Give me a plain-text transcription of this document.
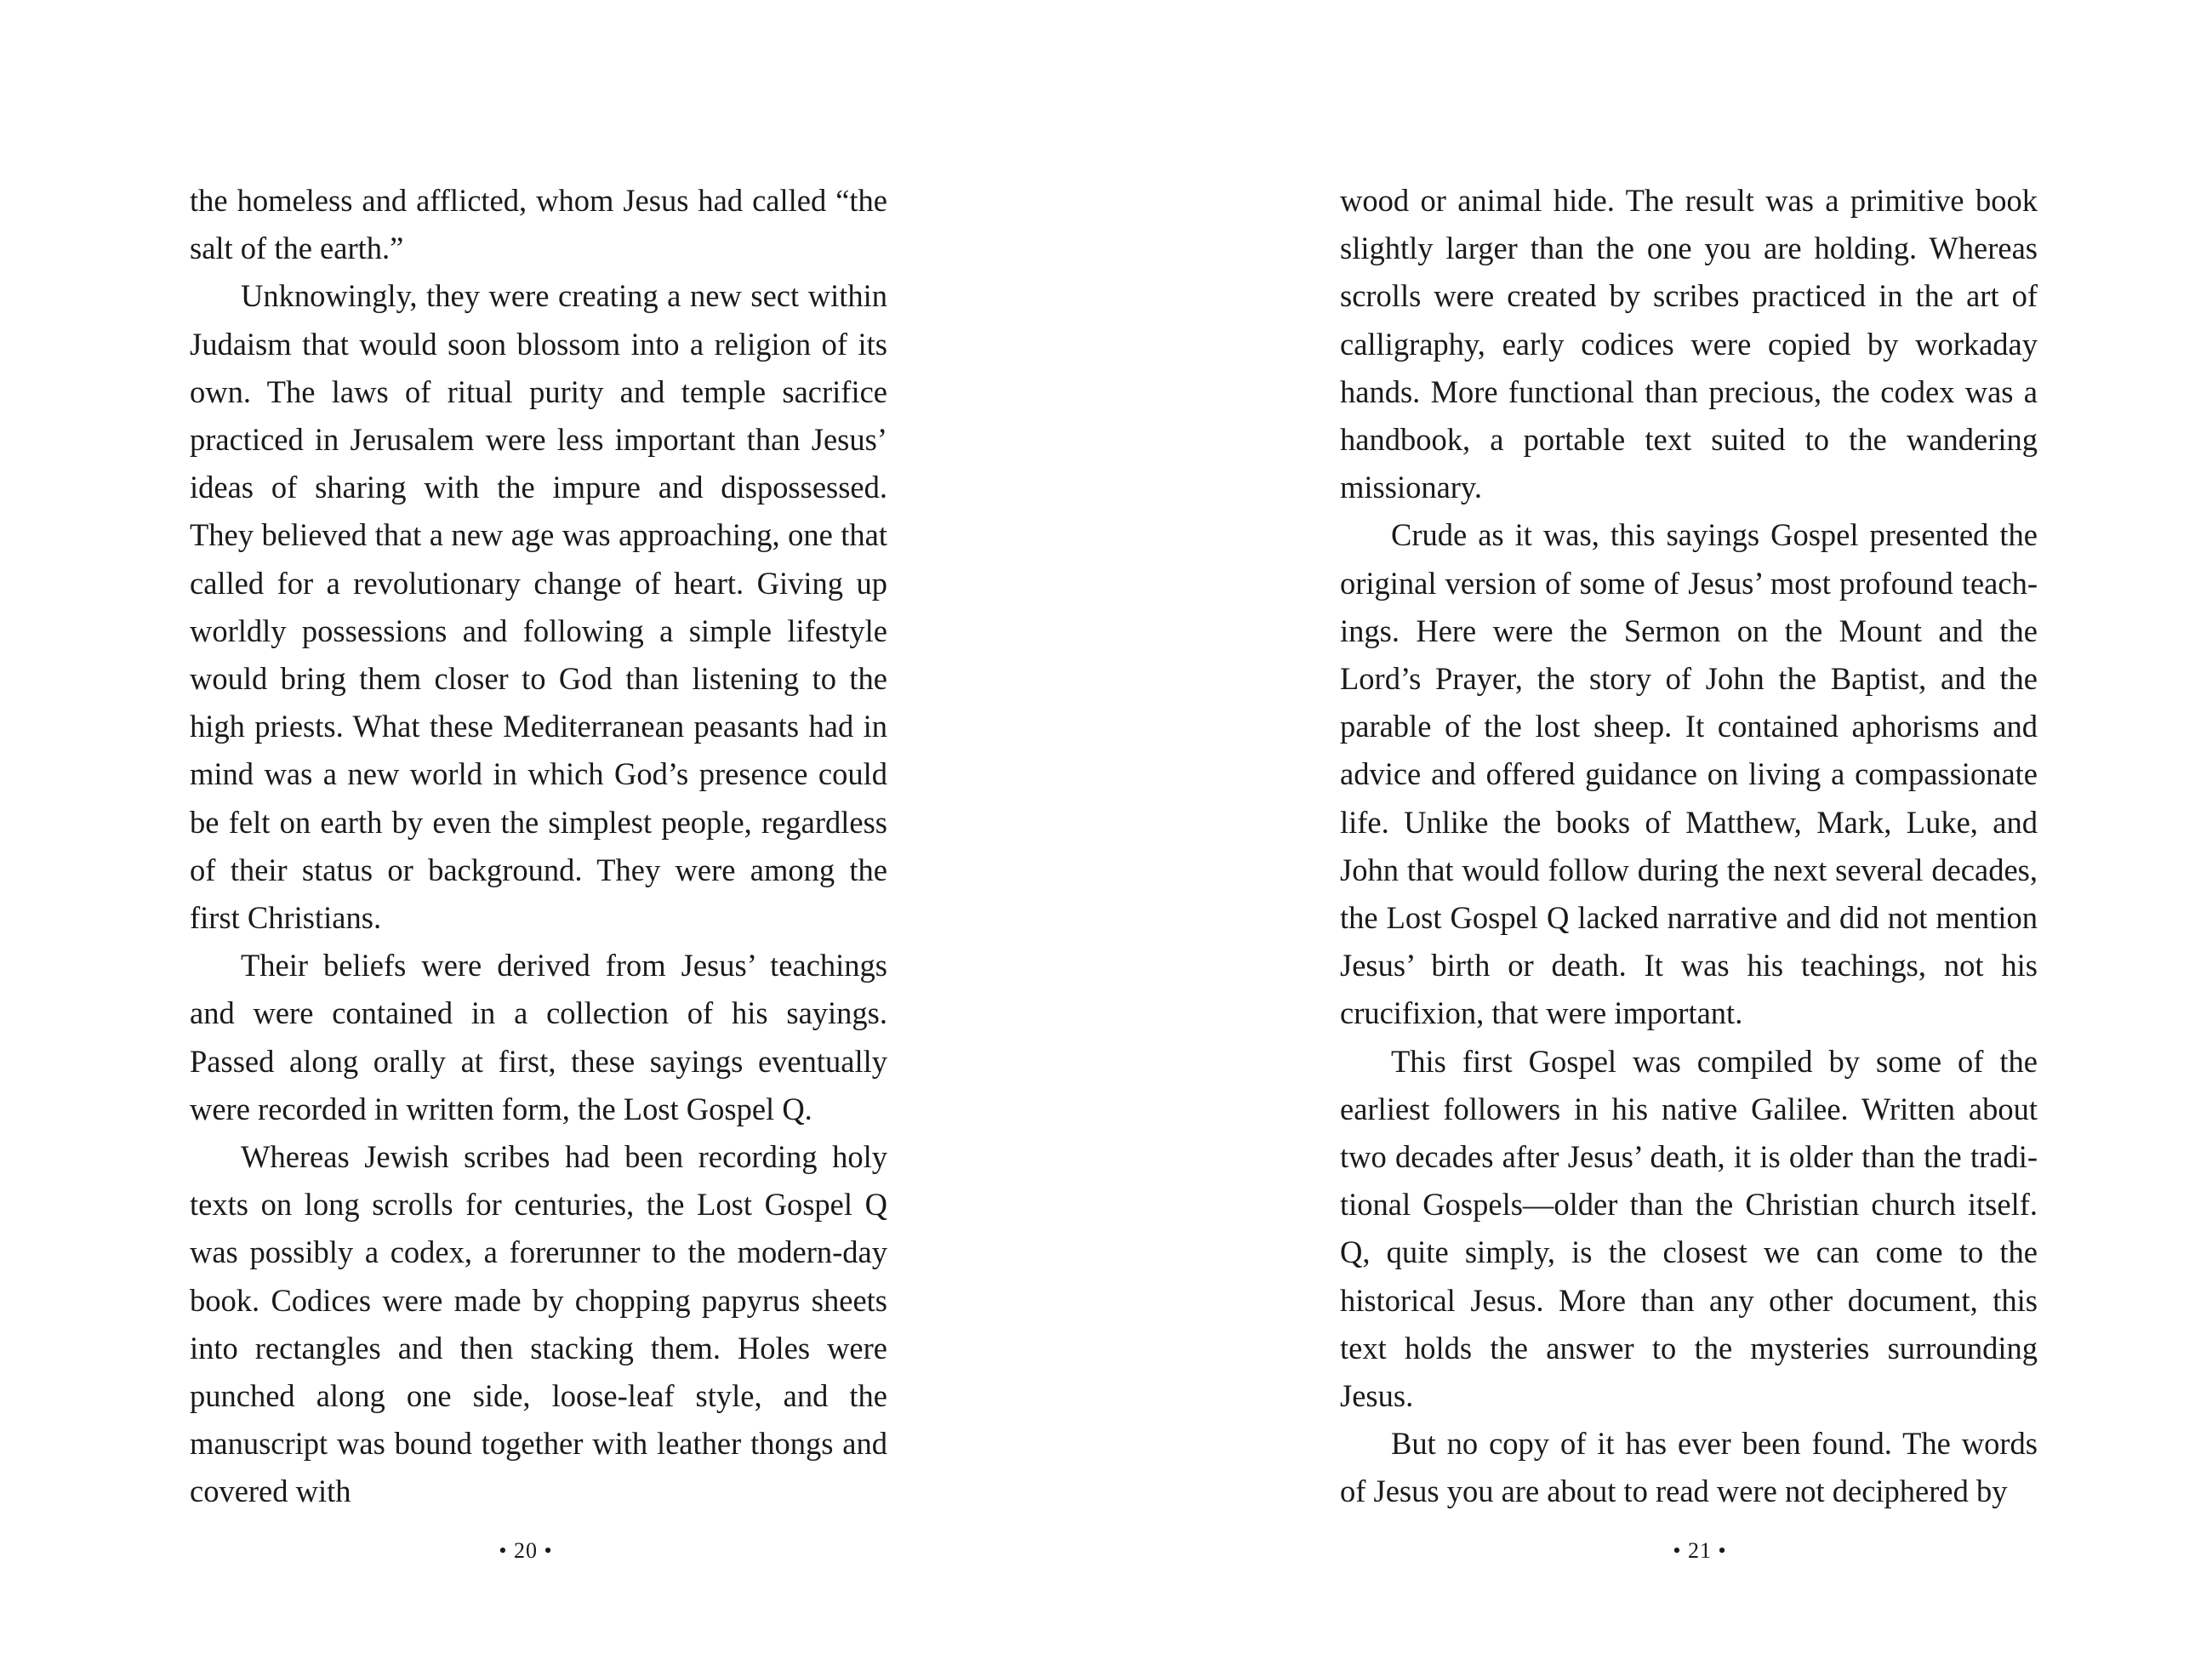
the homeless and afflicted, whom Jesus had called “the salt of the earth.”

Unknowingly, they were creating a new sect within Judaism that would soon blossom into a religion of its own. The laws of ritual purity and temple sacrifice practiced in Jerusalem were less important than Jesus’ ideas of sharing with the impure and dispossessed. They believed that a new age was approaching, one that called for a revolutionary change of heart. Giving up worldly possessions and following a simple lifestyle would bring them closer to God than listening to the high priests. What these Mediterranean peasants had in mind was a new world in which God’s presence could be felt on earth by even the simplest people, regardless of their status or background. They were among the first Christians.

Their beliefs were derived from Jesus’ teachings and were contained in a collection of his sayings. Passed along orally at first, these sayings eventually were recorded in written form, the Lost Gospel Q.

Whereas Jewish scribes had been recording holy texts on long scrolls for centuries, the Lost Gospel Q was possibly a codex, a forerunner to the modern-day book. Codices were made by chopping papyrus sheets into rectangles and then stacking them. Holes were punched along one side, loose-leaf style, and the manuscript was bound together with leather thongs and covered with

• 20 •

wood or animal hide. The result was a primitive book slightly larger than the one you are holding. Whereas scrolls were created by scribes practiced in the art of calligraphy, early codices were copied by workaday hands. More functional than precious, the codex was a handbook, a portable text suited to the wandering missionary.

Crude as it was, this sayings Gospel presented the original version of some of Jesus’ most profound teachings. Here were the Sermon on the Mount and the Lord’s Prayer, the story of John the Baptist, and the parable of the lost sheep. It contained aphorisms and advice and offered guidance on living a compassionate life. Unlike the books of Matthew, Mark, Luke, and John that would follow during the next several decades, the Lost Gospel Q lacked narrative and did not mention Jesus’ birth or death. It was his teachings, not his crucifixion, that were important.

This first Gospel was compiled by some of the earliest followers in his native Galilee. Written about two decades after Jesus’ death, it is older than the traditional Gospels—older than the Christian church itself. Q, quite simply, is the closest we can come to the historical Jesus. More than any other document, this text holds the answer to the mysteries surrounding Jesus.

But no copy of it has ever been found. The words of Jesus you are about to read were not deciphered by

• 21 •
